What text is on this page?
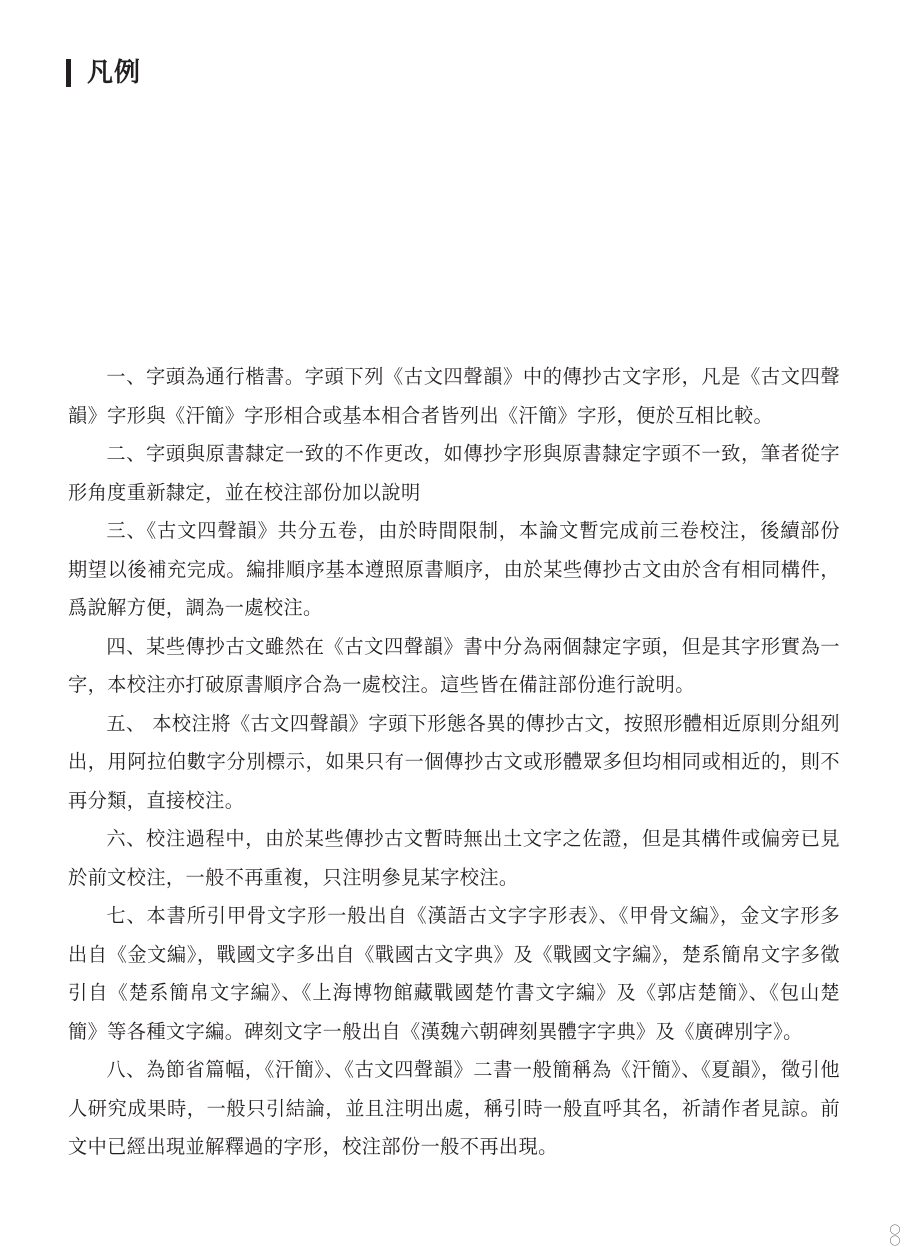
凡例

一、字頭為通行楷書。字頭下列《古文四聲韻》中的傳抄古文字形，凡是《古文四聲韻》字形與《汗簡》字形相合或基本相合者皆列出《汗簡》字形，便於互相比較。

二、字頭與原書隸定一致的不作更改，如傳抄字形與原書隸定字頭不一致，筆者從字形角度重新隸定，並在校注部份加以說明

三、《古文四聲韻》共分五卷，由於時間限制，本論文暫完成前三卷校注，後續部份期望以後補充完成。編排順序基本遵照原書順序，由於某些傳抄古文由於含有相同構件，爲說解方便，調為一處校注。

四、某些傳抄古文雖然在《古文四聲韻》書中分為兩個隸定字頭，但是其字形實為一字，本校注亦打破原書順序合為一處校注。這些皆在備註部份進行說明。

五、 本校注將《古文四聲韻》字頭下形態各異的傳抄古文，按照形體相近原則分組列出，用阿拉伯數字分別標示，如果只有一個傳抄古文或形體眾多但均相同或相近的，則不再分類，直接校注。

六、校注過程中，由於某些傳抄古文暫時無出土文字之佐證，但是其構件或偏旁已見於前文校注，一般不再重複，只注明參見某字校注。

七、本書所引甲骨文字形一般出自《漢語古文字字形表》、《甲骨文編》，金文字形多出自《金文編》，戰國文字多出自《戰國古文字典》及《戰國文字編》，楚系簡帛文字多徵引自《楚系簡帛文字編》、《上海博物館藏戰國楚竹書文字編》及《郭店楚簡》、《包山楚簡》等各種文字編。碑刻文字一般出自《漢魏六朝碑刻異體字字典》及《廣碑別字》。

八、為節省篇幅，《汗簡》、《古文四聲韻》二書一般簡稱為《汗簡》、《夏韻》，徵引他人研究成果時，一般只引結論，並且注明出處，稱引時一般直呼其名，祈請作者見諒。前文中已經出現並解釋過的字形，校注部份一般不再出現。

〇〇
